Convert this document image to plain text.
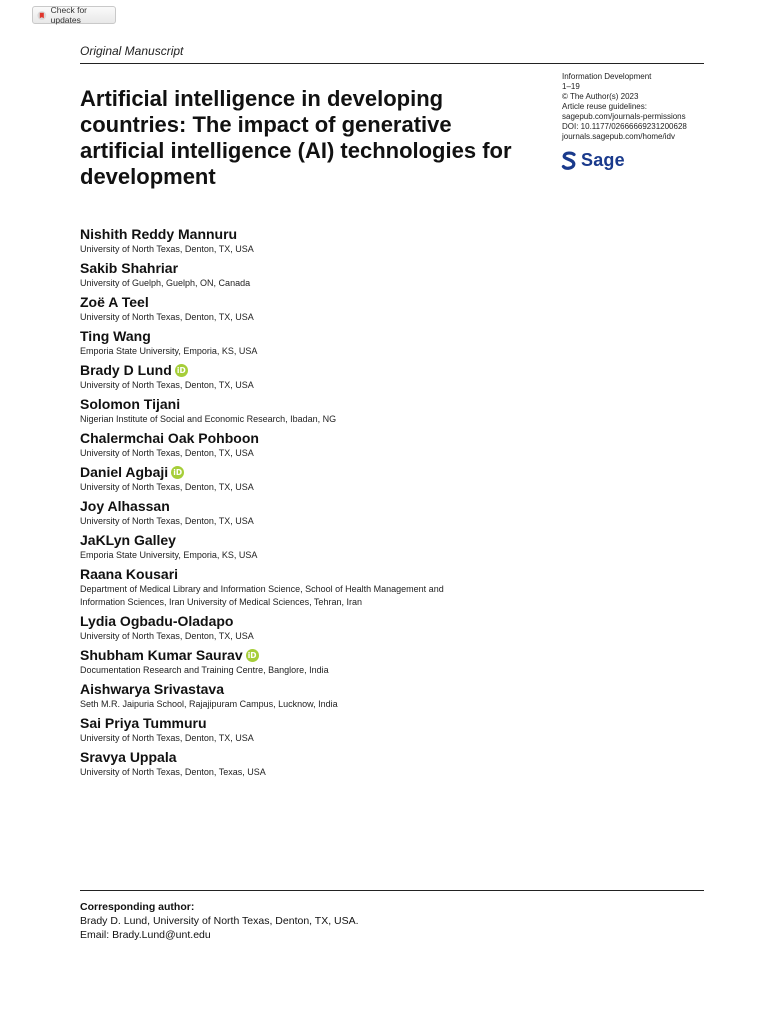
Check for updates
Original Manuscript
Information Development
1–19
© The Author(s) 2023
Article reuse guidelines:
sagepub.com/journals-permissions
DOI: 10.1177/02666669231200628
journals.sagepub.com/home/idv
Sage
Artificial intelligence in developing countries: The impact of generative artificial intelligence (AI) technologies for development
Nishith Reddy Mannuru
University of North Texas, Denton, TX, USA
Sakib Shahriar
University of Guelph, Guelph, ON, Canada
Zoë A Teel
University of North Texas, Denton, TX, USA
Ting Wang
Emporia State University, Emporia, KS, USA
Brady D Lund iD
University of North Texas, Denton, TX, USA
Solomon Tijani
Nigerian Institute of Social and Economic Research, Ibadan, NG
Chalermchai Oak Pohboon
University of North Texas, Denton, TX, USA
Daniel Agbaji iD
University of North Texas, Denton, TX, USA
Joy Alhassan
University of North Texas, Denton, TX, USA
JaKLyn Galley
Emporia State University, Emporia, KS, USA
Raana Kousari
Department of Medical Library and Information Science, School of Health Management and Information Sciences, Iran University of Medical Sciences, Tehran, Iran
Lydia Ogbadu-Oladapo
University of North Texas, Denton, TX, USA
Shubham Kumar Saurav iD
Documentation Research and Training Centre, Banglore, India
Aishwarya Srivastava
Seth M.R. Jaipuria School, Rajajipuram Campus, Lucknow, India
Sai Priya Tummuru
University of North Texas, Denton, TX, USA
Sravya Uppala
University of North Texas, Denton, Texas, USA
Corresponding author:
Brady D. Lund, University of North Texas, Denton, TX, USA.
Email: Brady.Lund@unt.edu
